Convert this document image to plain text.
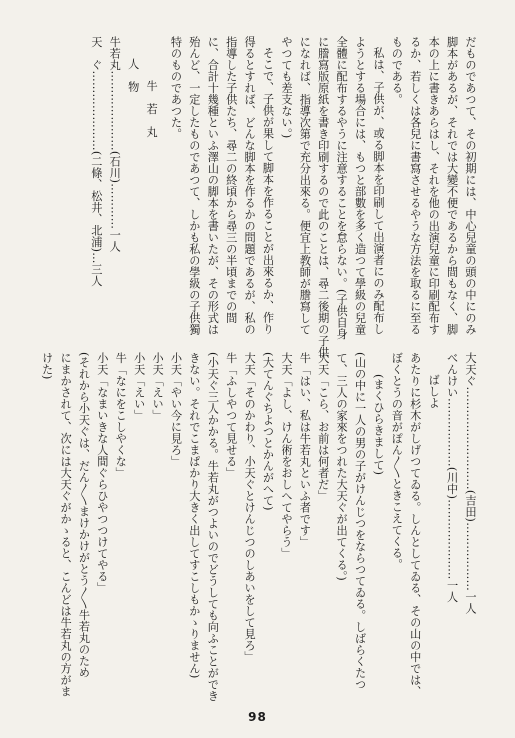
だものであつて、その初期には、中心兒童の頭の中にのみ
脚本があるが、それでは大變不便であるから間もなく、脚
本の上に書きあらはし、それを他の出演兒童に印刷配布す
るか、若しくは各兒に書寫させるやうな方法を取るに至る
ものである。
私は、子供が、或る脚本を印刷して出演者にのみ配布し
ようとする場合には、もつと部數を多く造つて學級の兒童
全體に配布するやうに注意することを怠らない。(子供自身
に謄寫版原紙を書き印刷するので此のことは、尋二後期の子供
になれば、指導次第で充分出來る。便宜上教師が謄寫して
やつても差支ない。)
そこで、子供が果して脚本を作ることが出來るか、作り
得るとすれば、どんな脚本を作るかの問題であるが、私の
指導した子供たち、尋二の終頃から尋三の半頃までの間
に、合計十幾種といふ澤山の脚本を書いたが、その形式は
殆んど、一定したものであつて、しかも私の學級の子供獨
特のものであつた。
牛　若　丸
人　物
牛若丸…………………(石川)…………一人
天　ぐ…………………(二條、松井、北浦)…三人
大天ぐ………………………(吉田)………………一人
べんけい………………(川中)…………………一人
ばしよ
あたりに杉木がしげつてゐる。しんとしてゐる、その山の中では、
ぼくとうの音がぽん〳〵ときこえてくる。
(まくひらきまして)
(山の中に一人の男の子がけんじつをならつてゐる。しばらくたつ
て、三人の家來をつれた大天ぐが出てくる。)
大天「こら、お前は何者だ」
牛「はい、私は牛若丸といふ者です」
大天「よし、けん術をおしへてやらう」
(大てんぐちよつとかんがへて)
大天「そのかわり、小天ぐとけんじつのしあいをして見ろ」
牛「ふしやつて見せる」
(小天ぐ三人かかる。牛若丸がつよいのでどうしても向ふことができ
きない。それでこまぱかり大きく出してすこしもかゝりません)
小天「やい今に見ろ」
小天「えい」
小天「えい」
牛「なにをこしやくな」
小天「なまいきな人間ぐらひやつつけてやる」
(それから小天ぐは、だん〳〵まけかけがとう〳〵牛若丸のため
にまかされて、次には大天ぐがかゝると、こんどは牛若丸の方がま
けた)
98
